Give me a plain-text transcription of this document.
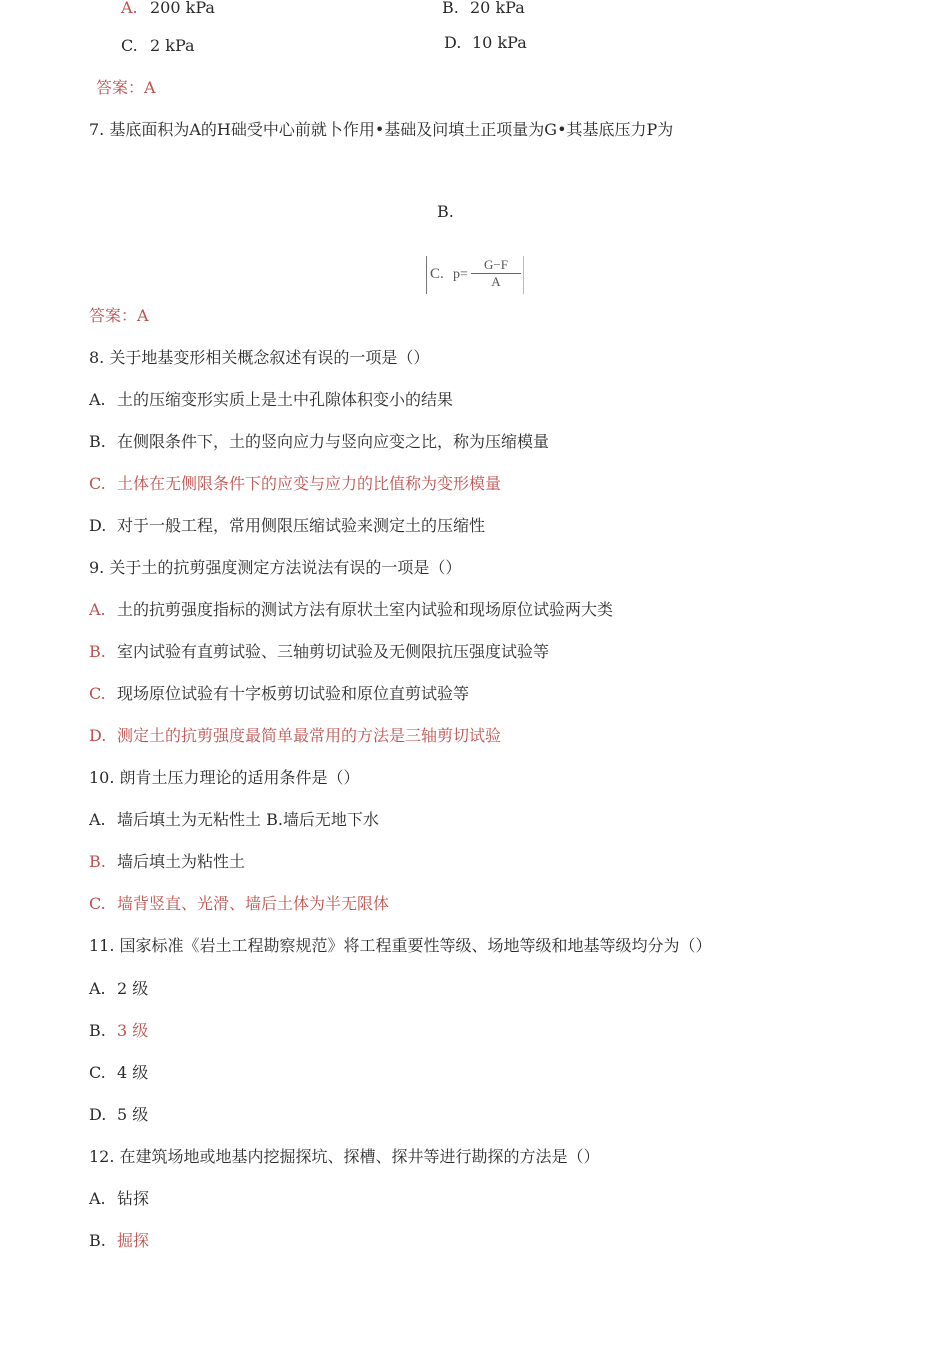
A. 200 kPa	B. 20 kPa
C. 2 kPa	D. 10 kPa
答案：A
7. 基底面积为A的H础受中心前就卜作用•基础及问填土正项量为G•其基底压力P为
B.
C. $p= \frac{G-F}{A}$
答案：A
8. 关于地基变形相关概念叙述有误的一项是（）
A. 土的压缩变形实质上是土中孔隙体积变小的结果
B. 在侧限条件下，土的竖向应力与竖向应变之比，称为压缩模量
C. 土体在无侧限条件下的应变与应力的比值称为变形模量
D. 对于一般工程，常用侧限压缩试验来测定土的压缩性
9. 关于土的抗剪强度测定方法说法有误的一项是（）
A. 土的抗剪强度指标的测试方法有原状土室内试验和现场原位试验两大类
B. 室内试验有直剪试验、三轴剪切试验及无侧限抗压强度试验等
C. 现场原位试验有十字板剪切试验和原位直剪试验等
D. 测定土的抗剪强度最简单最常用的方法是三轴剪切试验
10. 朗肯土压力理论的适用条件是（）
A. 墙后填土为无粘性土 B.墙后无地下水
B. 墙后填土为粘性土
C. 墙背竖直、光滑、墙后土体为半无限体
11. 国家标准《岩土工程勘察规范》将工程重要性等级、场地等级和地基等级均分为（）
A. 2 级
B. 3 级
C. 4 级
D. 5 级
12. 在建筑场地或地基内挖掘探坑、探槽、探井等进行勘探的方法是（）
A. 钻探
B. 掘探
